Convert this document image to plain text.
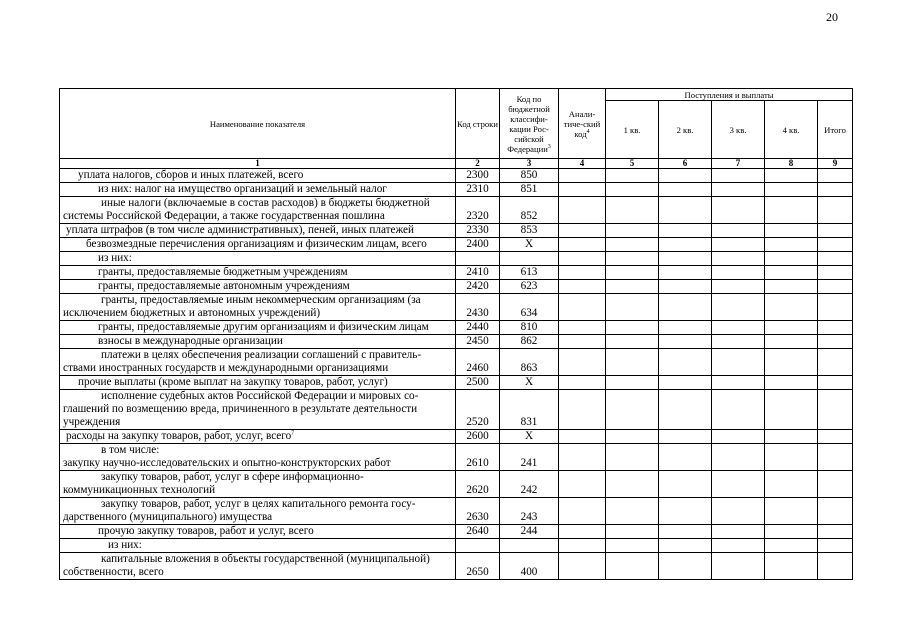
20
Наименование показателя	Код строки	Код по бюджетной классифи-кации Рос-сийской Федерации$^3$	Анали-тиче-ский код$^4$	Поступления и выплаты				
				1 кв.	2 кв.	3 кв.	4 кв.	Итого
1	2	3	4	5	6	7	8	9
уплата налогов, сборов и иных платежей, всего	2300	850						
из них: налог на имущество организаций и земельный налог	2310	851						
иные налоги (включаемые в состав расходов) в бюджеты бюджетной системы Российской Федерации, а также государственная пошлина	2320	852						
уплата штрафов (в том числе административных), пеней, иных платежей	2330	853						
безвозмездные перечисления организациям и физическим лицам, всего	2400	Х						
из них:								
гранты, предоставляемые бюджетным учреждениям	2410	613						
гранты, предоставляемые автономным учреждениям	2420	623						
гранты, предоставляемые иным некоммерческим организациям (за исключением бюджетных и автономных учреждений)	2430	634						
гранты, предоставляемые другим организациям и физическим лицам	2440	810						
взносы в международные организации	2450	862						
платежи в целях обеспечения реализации соглашений с правитель-ствами иностранных государств и международными организациями	2460	863						
прочие выплаты (кроме выплат на закупку товаров, работ, услуг)	2500	Х						
исполнение судебных актов Российской Федерации и мировых со-глашений по возмещению вреда, причиненного в результате деятельности учреждения	2520	831						
расходы на закупку товаров, работ, услуг, всего$^7$	2600	Х						

в том числе:
закупку научно-исследовательских и опытно-конструкторских работ	2610	241						
закупку товаров, работ, услуг в сфере информационно-коммуникационных технологий	2620	242						
закупку товаров, работ, услуг в целях капитального ремонта госу-дарственного (муниципального) имущества	2630	243						
прочую закупку товаров, работ и услуг, всего	2640	244						
из них:								
капитальные вложения в объекты государственной (муниципальной) собственности, всего	2650	400						
